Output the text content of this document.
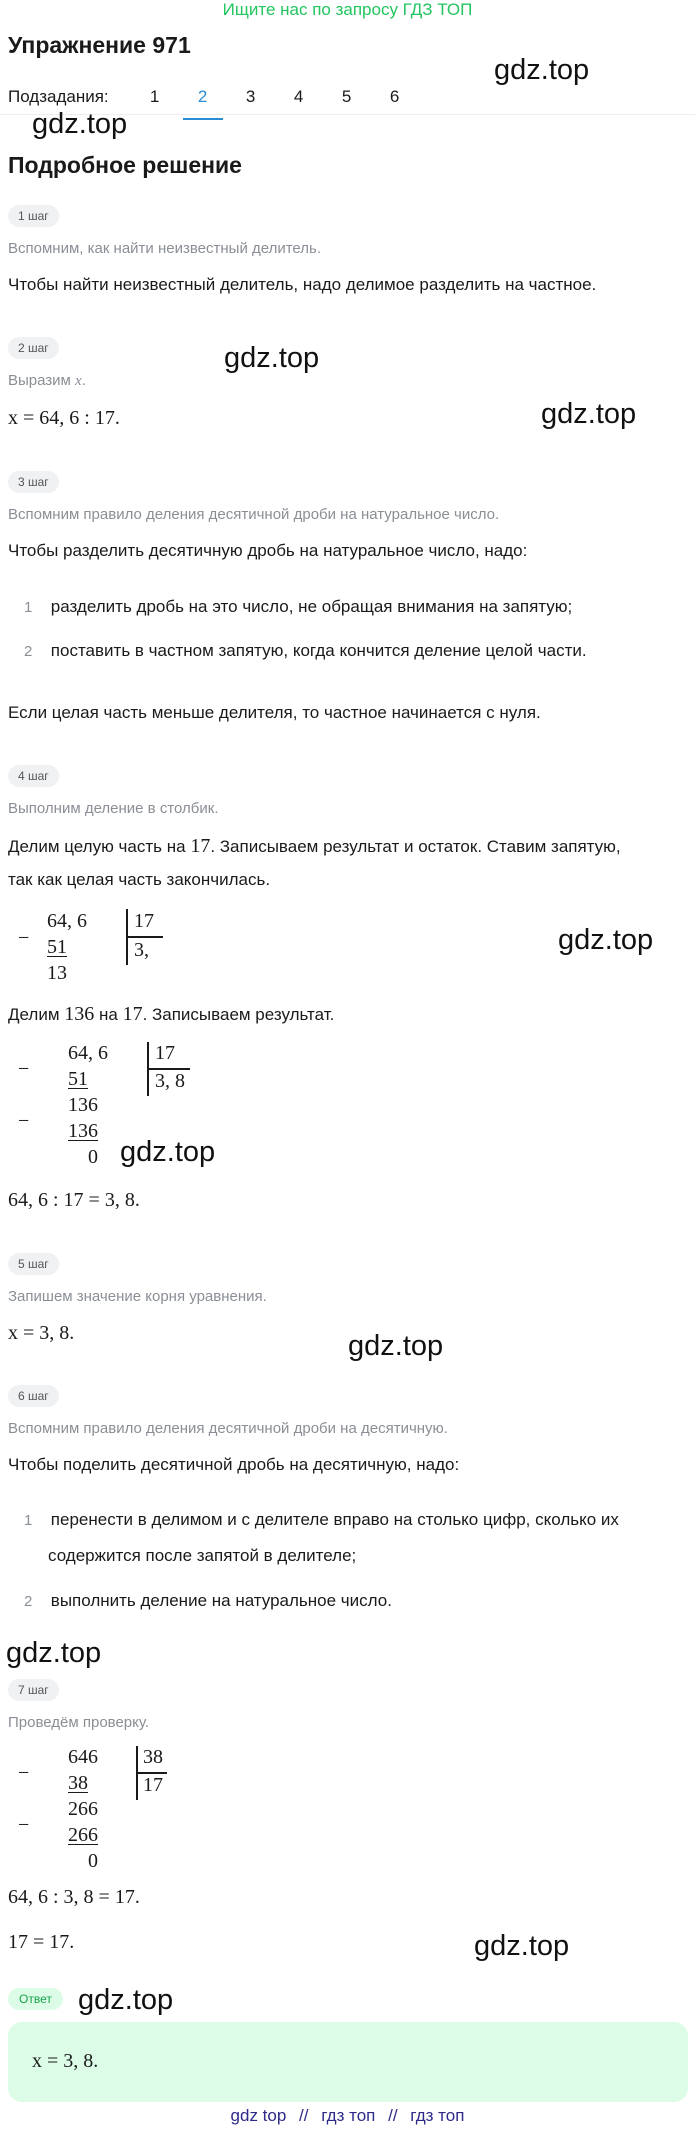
Ищите нас по запросу ГДЗ ТОП
Упражнение 971
gdz.top
Подзадания:	1	2	3	4	5	6
gdz.top
Подробное решение
1 шаг
Вспомним, как найти неизвестный делитель.
Чтобы найти неизвестный делитель, надо делимое разделить на частное.
2 шаг	gdz.top
Выразим x.
gdz.top
x = 64, 6 : 17.
3 шаг
Вспомним правило деления десятичной дроби на натуральное число.
Чтобы разделить десятичную дробь на натуральное число, надо:
1 разделить дробь на это число, не обращая внимания на запятую;
2 поставить в частном запятую, когда кончится деление целой части.
Если целая часть меньше делителя, то частное начинается с нуля.
4 шаг
Выполним деление в столбик.
Делим целую часть на 17. Записываем результат и остаток. Ставим запятую,
так как целая часть закончилась.
−
64, 6
51
13
17
3,	gdz.top
Делим 136 на 17. Записываем результат.
−
64, 6
51
−
136
136
0
17
3, 8
gdz.top
64, 6 : 17 = 3, 8.
5 шаг
Запишем значение корня уравнения.
x = 3, 8.	gdz.top
6 шаг
Вспомним правило деления десятичной дроби на десятичную.
Чтобы поделить десятичной дробь на десятичную, надо:
1 перенести в делимом и с делителе вправо на столько цифр, сколько их
содержится после запятой в делителе;
2 выполнить деление на натуральное число.
gdz.top
7 шаг
Проведём проверку.
−
646
38
−
266
266
0
38
17
64, 6 : 3, 8 = 17.
17 = 17.	gdz.top
Ответ gdz.top
x = 3, 8.
gdz top // гдз топ // гдз топ
